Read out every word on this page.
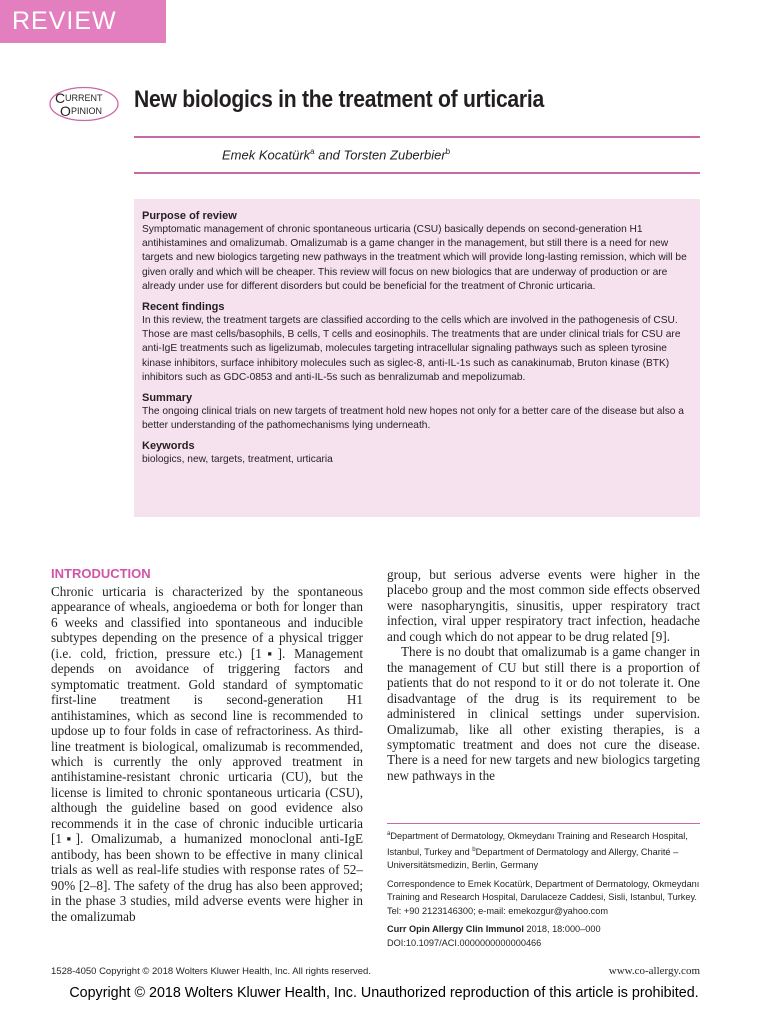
REVIEW
C URRENT
O PINION New biologics in the treatment of urticaria
Emek Kocatürk$^a$ and Torsten Zuberbier$^b$
Purpose of review

Symptomatic management of chronic spontaneous urticaria (CSU) basically depends on second-generation H1 antihistamines and omalizumab. Omalizumab is a game changer in the management, but still there is a need for new targets and new biologics targeting new pathways in the treatment which will provide long-lasting remission, which will be given orally and which will be cheaper. This review will focus on new biologics that are underway of production or are already under use for different disorders but could be beneficial for the treatment of Chronic urticaria.

Recent findings

In this review, the treatment targets are classified according to the cells which are involved in the pathogenesis of CSU. Those are mast cells/basophils, B cells, T cells and eosinophils. The treatments that are under clinical trials for CSU are anti-IgE treatments such as ligelizumab, molecules targeting intracellular signaling pathways such as spleen tyrosine kinase inhibitors, surface inhibitory molecules such as siglec-8, anti-IL-1s such as canakinumab, Bruton kinase (BTK) inhibitors such as GDC-0853 and anti-IL-5s such as benralizumab and mepolizumab.

Summary

The ongoing clinical trials on new targets of treatment hold new hopes not only for a better care of the disease but also a better understanding of the pathomechanisms lying underneath.

Keywords

biologics, new, targets, treatment, urticaria

INTRODUCTION

Chronic urticaria is characterized by the spontaneous appearance of wheals, angioedema or both for longer than 6 weeks and classified into spontaneous and inducible subtypes depending on the presence of a physical trigger (i.e. cold, friction, pressure etc.) [1▪]. Management depends on avoidance of triggering factors and symptomatic treatment. Gold standard of symptomatic first-line treatment is second-generation H1 antihistamines, which as second line is recommended to updose up to four folds in case of refractoriness. As third-line treatment is biological, omalizumab is recommended, which is currently the only approved treatment in antihistamine-resistant chronic urticaria (CU), but the license is limited to chronic spontaneous urticaria (CSU), although the guideline based on good evidence also recommends it in the case of chronic inducible urticaria [1▪]. Omalizumab, a humanized monoclonal anti-IgE antibody, has been shown to be effective in many clinical trials as well as real-life studies with response rates of 52–90% [2–8]. The safety of the drug has also been approved; in the phase 3 studies, mild adverse events were higher in the omalizumab

group, but serious adverse events were higher in the placebo group and the most common side effects observed were nasopharyngitis, sinusitis, upper respiratory tract infection, viral upper respiratory tract infection, headache and cough which do not appear to be drug related [9].

There is no doubt that omalizumab is a game changer in the management of CU but still there is a proportion of patients that do not respond to it or do not tolerate it. One disadvantage of the drug is its requirement to be administered in clinical settings under supervision. Omalizumab, like all other existing therapies, is a symptomatic treatment and does not cure the disease. There is a need for new targets and new biologics targeting new pathways in the

$^a$Department of Dermatology, Okmeydanı Training and Research Hospital, Istanbul, Turkey and $^b$Department of Dermatology and Allergy, Charité – Universitätsmedizin, Berlin, Germany

Correspondence to Emek Kocatürk, Department of Dermatology, Okmeydanı Training and Research Hospital, Darulaceze Caddesi, Sisli, Istanbul, Turkey. Tel: +90 2123146300; e-mail: emekozgur@yahoo.com

Curr Opin Allergy Clin Immunol 2018, 18:000–000

DOI:10.1097/ACI.0000000000000466

1528-4050 Copyright © 2018 Wolters Kluwer Health, Inc. All rights reserved.	www.co-allergy.com
Copyright © 2018 Wolters Kluwer Health, Inc. Unauthorized reproduction of this article is prohibited.
